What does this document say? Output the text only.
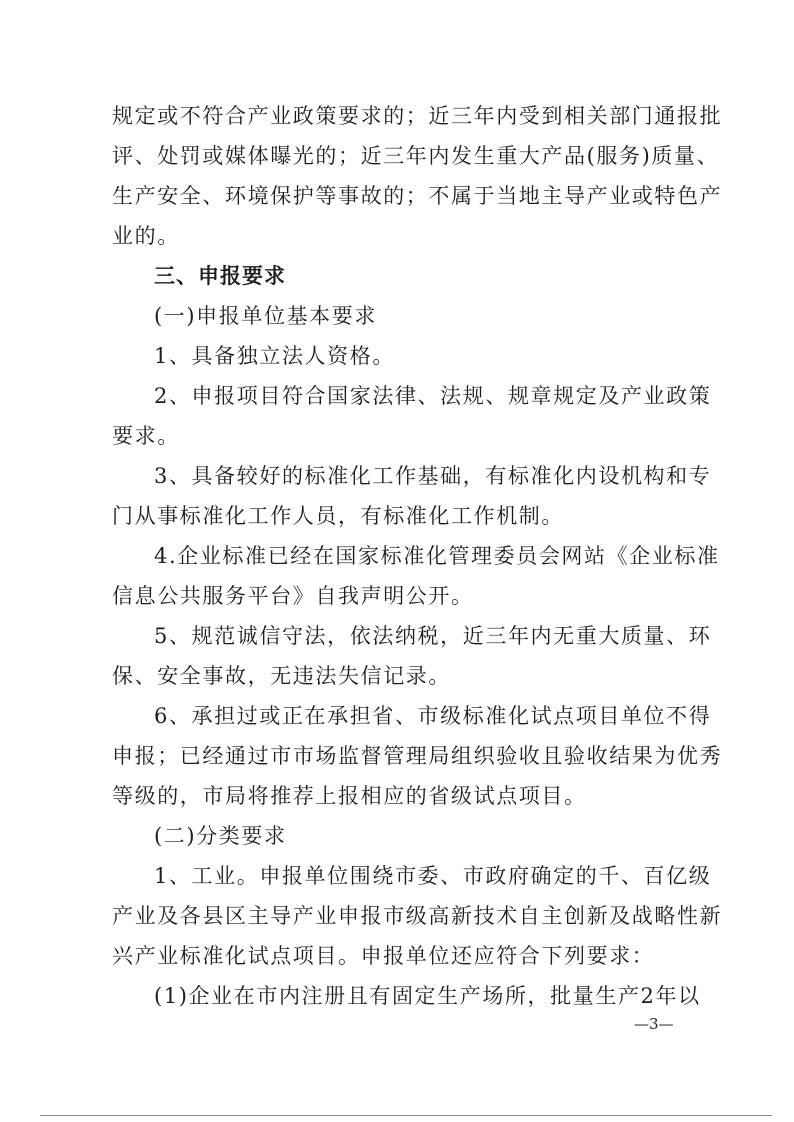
规定或不符合产业政策要求的；近三年内受到相关部门通报批
评、处罚或媒体曝光的；近三年内发生重大产品(服务)质量、
生产安全、环境保护等事故的；不属于当地主导产业或特色产
业的。
三、申报要求
(一)申报单位基本要求
1、具备独立法人资格。
2、申报项目符合国家法律、法规、规章规定及产业政策
要求。
3、具备较好的标准化工作基础，有标准化内设机构和专
门从事标准化工作人员，有标准化工作机制。
4.企业标准已经在国家标准化管理委员会网站《企业标准
信息公共服务平台》自我声明公开。
5、规范诚信守法，依法纳税，近三年内无重大质量、环
保、安全事故，无违法失信记录。
6、承担过或正在承担省、市级标准化试点项目单位不得
申报；已经通过市市场监督管理局组织验收且验收结果为优秀
等级的，市局将推荐上报相应的省级试点项目。
(二)分类要求
1、工业。申报单位围绕市委、市政府确定的千、百亿级
产业及各县区主导产业申报市级高新技术自主创新及战略性新
兴产业标准化试点项目。申报单位还应符合下列要求：
(1)企业在市内注册且有固定生产场所，批量生产2年以
—3—
